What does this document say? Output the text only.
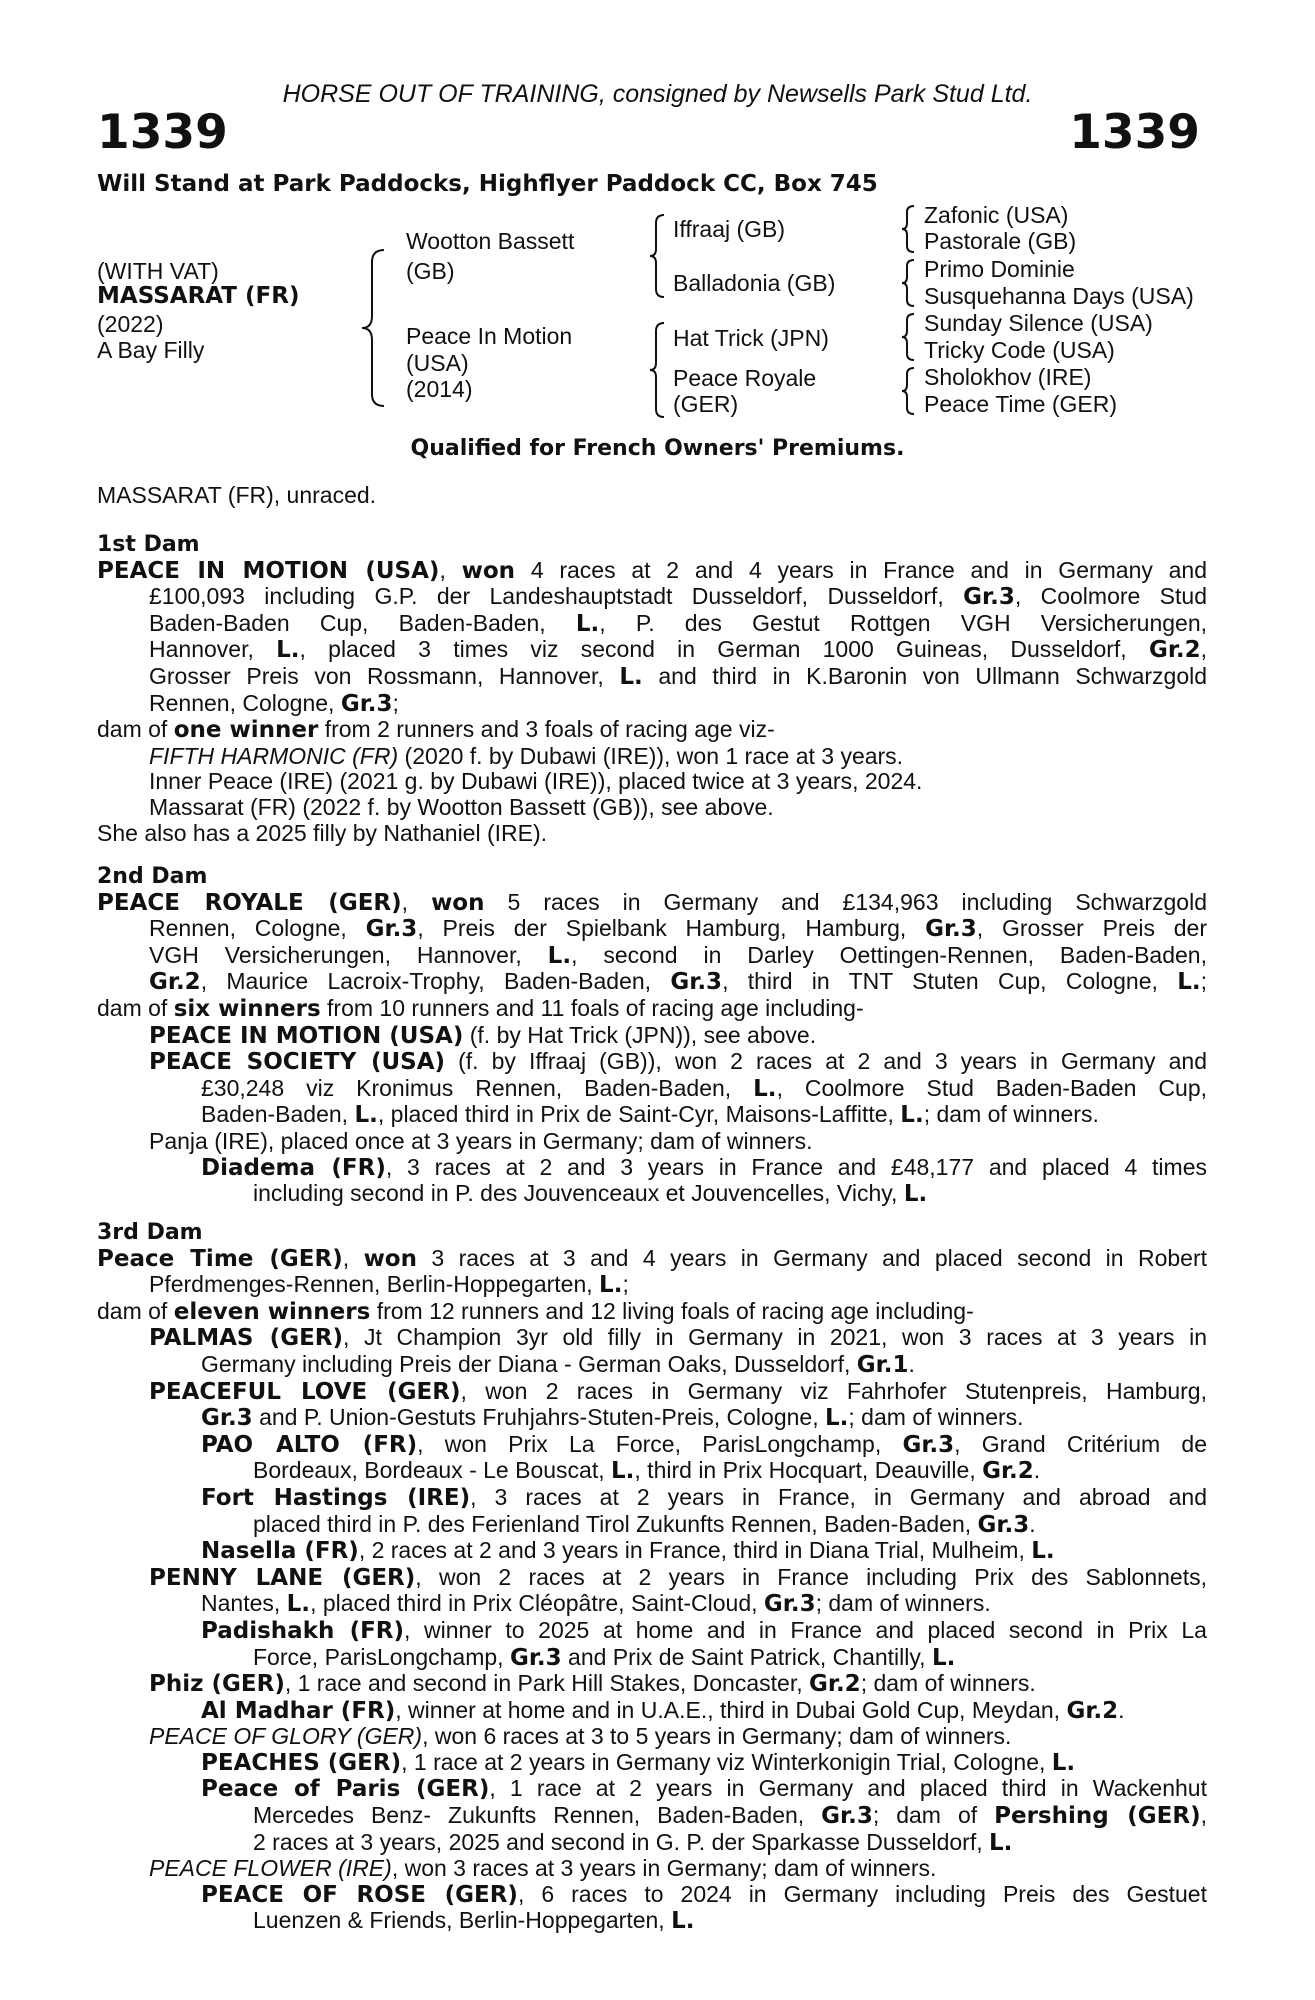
HORSE OUT OF TRAINING, consigned by Newsells Park Stud Ltd.
1339	1339
Will Stand at Park Paddocks, Highflyer Paddock CC, Box 745
(WITH VAT)
MASSARAT (FR)
(2022)
A Bay Filly
Wootton Bassett
(GB)
Peace In Motion
(USA)
(2014)
Iffraaj (GB)
Balladonia (GB)
Hat Trick (JPN)
Peace Royale
(GER)
Zafonic (USA)
Pastorale (GB)
Primo Dominie
Susquehanna Days (USA)
Sunday Silence (USA)
Tricky Code (USA)
Sholokhov (IRE)
Peace Time (GER)
Qualified for French Owners' Premiums.
MASSARAT (FR), unraced.
1st Dam
PEACE IN MOTION (USA), won 4 races at 2 and 4 years in France and in Germany and
£100,093 including G.P. der Landeshauptstadt Dusseldorf, Dusseldorf, Gr.3, Coolmore Stud
Baden-Baden Cup, Baden-Baden, L., P. des Gestut Rottgen VGH Versicherungen,
Hannover, L., placed 3 times viz second in German 1000 Guineas, Dusseldorf, Gr.2,
Grosser Preis von Rossmann, Hannover, L. and third in K.Baronin von Ullmann Schwarzgold
Rennen, Cologne, Gr.3;
dam of one winner from 2 runners and 3 foals of racing age viz-
FIFTH HARMONIC (FR) (2020 f. by Dubawi (IRE)), won 1 race at 3 years.
Inner Peace (IRE) (2021 g. by Dubawi (IRE)), placed twice at 3 years, 2024.
Massarat (FR) (2022 f. by Wootton Bassett (GB)), see above.
She also has a 2025 filly by Nathaniel (IRE).
2nd Dam
PEACE ROYALE (GER), won 5 races in Germany and £134,963 including Schwarzgold
Rennen, Cologne, Gr.3, Preis der Spielbank Hamburg, Hamburg, Gr.3, Grosser Preis der
VGH Versicherungen, Hannover, L., second in Darley Oettingen-Rennen, Baden-Baden,
Gr.2, Maurice Lacroix-Trophy, Baden-Baden, Gr.3, third in TNT Stuten Cup, Cologne, L.;
dam of six winners from 10 runners and 11 foals of racing age including-
PEACE IN MOTION (USA) (f. by Hat Trick (JPN)), see above.
PEACE SOCIETY (USA) (f. by Iffraaj (GB)), won 2 races at 2 and 3 years in Germany and
£30,248 viz Kronimus Rennen, Baden-Baden, L., Coolmore Stud Baden-Baden Cup,
Baden-Baden, L., placed third in Prix de Saint-Cyr, Maisons-Laffitte, L.; dam of winners.
Panja (IRE), placed once at 3 years in Germany; dam of winners.
Diadema (FR), 3 races at 2 and 3 years in France and £48,177 and placed 4 times
including second in P. des Jouvenceaux et Jouvencelles, Vichy, L.
3rd Dam
Peace Time (GER), won 3 races at 3 and 4 years in Germany and placed second in Robert
Pferdmenges-Rennen, Berlin-Hoppegarten, L.;
dam of eleven winners from 12 runners and 12 living foals of racing age including-
PALMAS (GER), Jt Champion 3yr old filly in Germany in 2021, won 3 races at 3 years in
Germany including Preis der Diana - German Oaks, Dusseldorf, Gr.1.
PEACEFUL LOVE (GER), won 2 races in Germany viz Fahrhofer Stutenpreis, Hamburg,
Gr.3 and P. Union-Gestuts Fruhjahrs-Stuten-Preis, Cologne, L.; dam of winners.
PAO ALTO (FR), won Prix La Force, ParisLongchamp, Gr.3, Grand Critérium de
Bordeaux, Bordeaux - Le Bouscat, L., third in Prix Hocquart, Deauville, Gr.2.
Fort Hastings (IRE), 3 races at 2 years in France, in Germany and abroad and
placed third in P. des Ferienland Tirol Zukunfts Rennen, Baden-Baden, Gr.3.
Nasella (FR), 2 races at 2 and 3 years in France, third in Diana Trial, Mulheim, L.
PENNY LANE (GER), won 2 races at 2 years in France including Prix des Sablonnets,
Nantes, L., placed third in Prix Cléopâtre, Saint-Cloud, Gr.3; dam of winners.
Padishakh (FR), winner to 2025 at home and in France and placed second in Prix La
Force, ParisLongchamp, Gr.3 and Prix de Saint Patrick, Chantilly, L.
Phiz (GER), 1 race and second in Park Hill Stakes, Doncaster, Gr.2; dam of winners.
Al Madhar (FR), winner at home and in U.A.E., third in Dubai Gold Cup, Meydan, Gr.2.
PEACE OF GLORY (GER), won 6 races at 3 to 5 years in Germany; dam of winners.
PEACHES (GER), 1 race at 2 years in Germany viz Winterkonigin Trial, Cologne, L.
Peace of Paris (GER), 1 race at 2 years in Germany and placed third in Wackenhut
Mercedes Benz- Zukunfts Rennen, Baden-Baden, Gr.3; dam of Pershing (GER),
2 races at 3 years, 2025 and second in G. P. der Sparkasse Dusseldorf, L.
PEACE FLOWER (IRE), won 3 races at 3 years in Germany; dam of winners.
PEACE OF ROSE (GER), 6 races to 2024 in Germany including Preis des Gestuet
Luenzen & Friends, Berlin-Hoppegarten, L.
